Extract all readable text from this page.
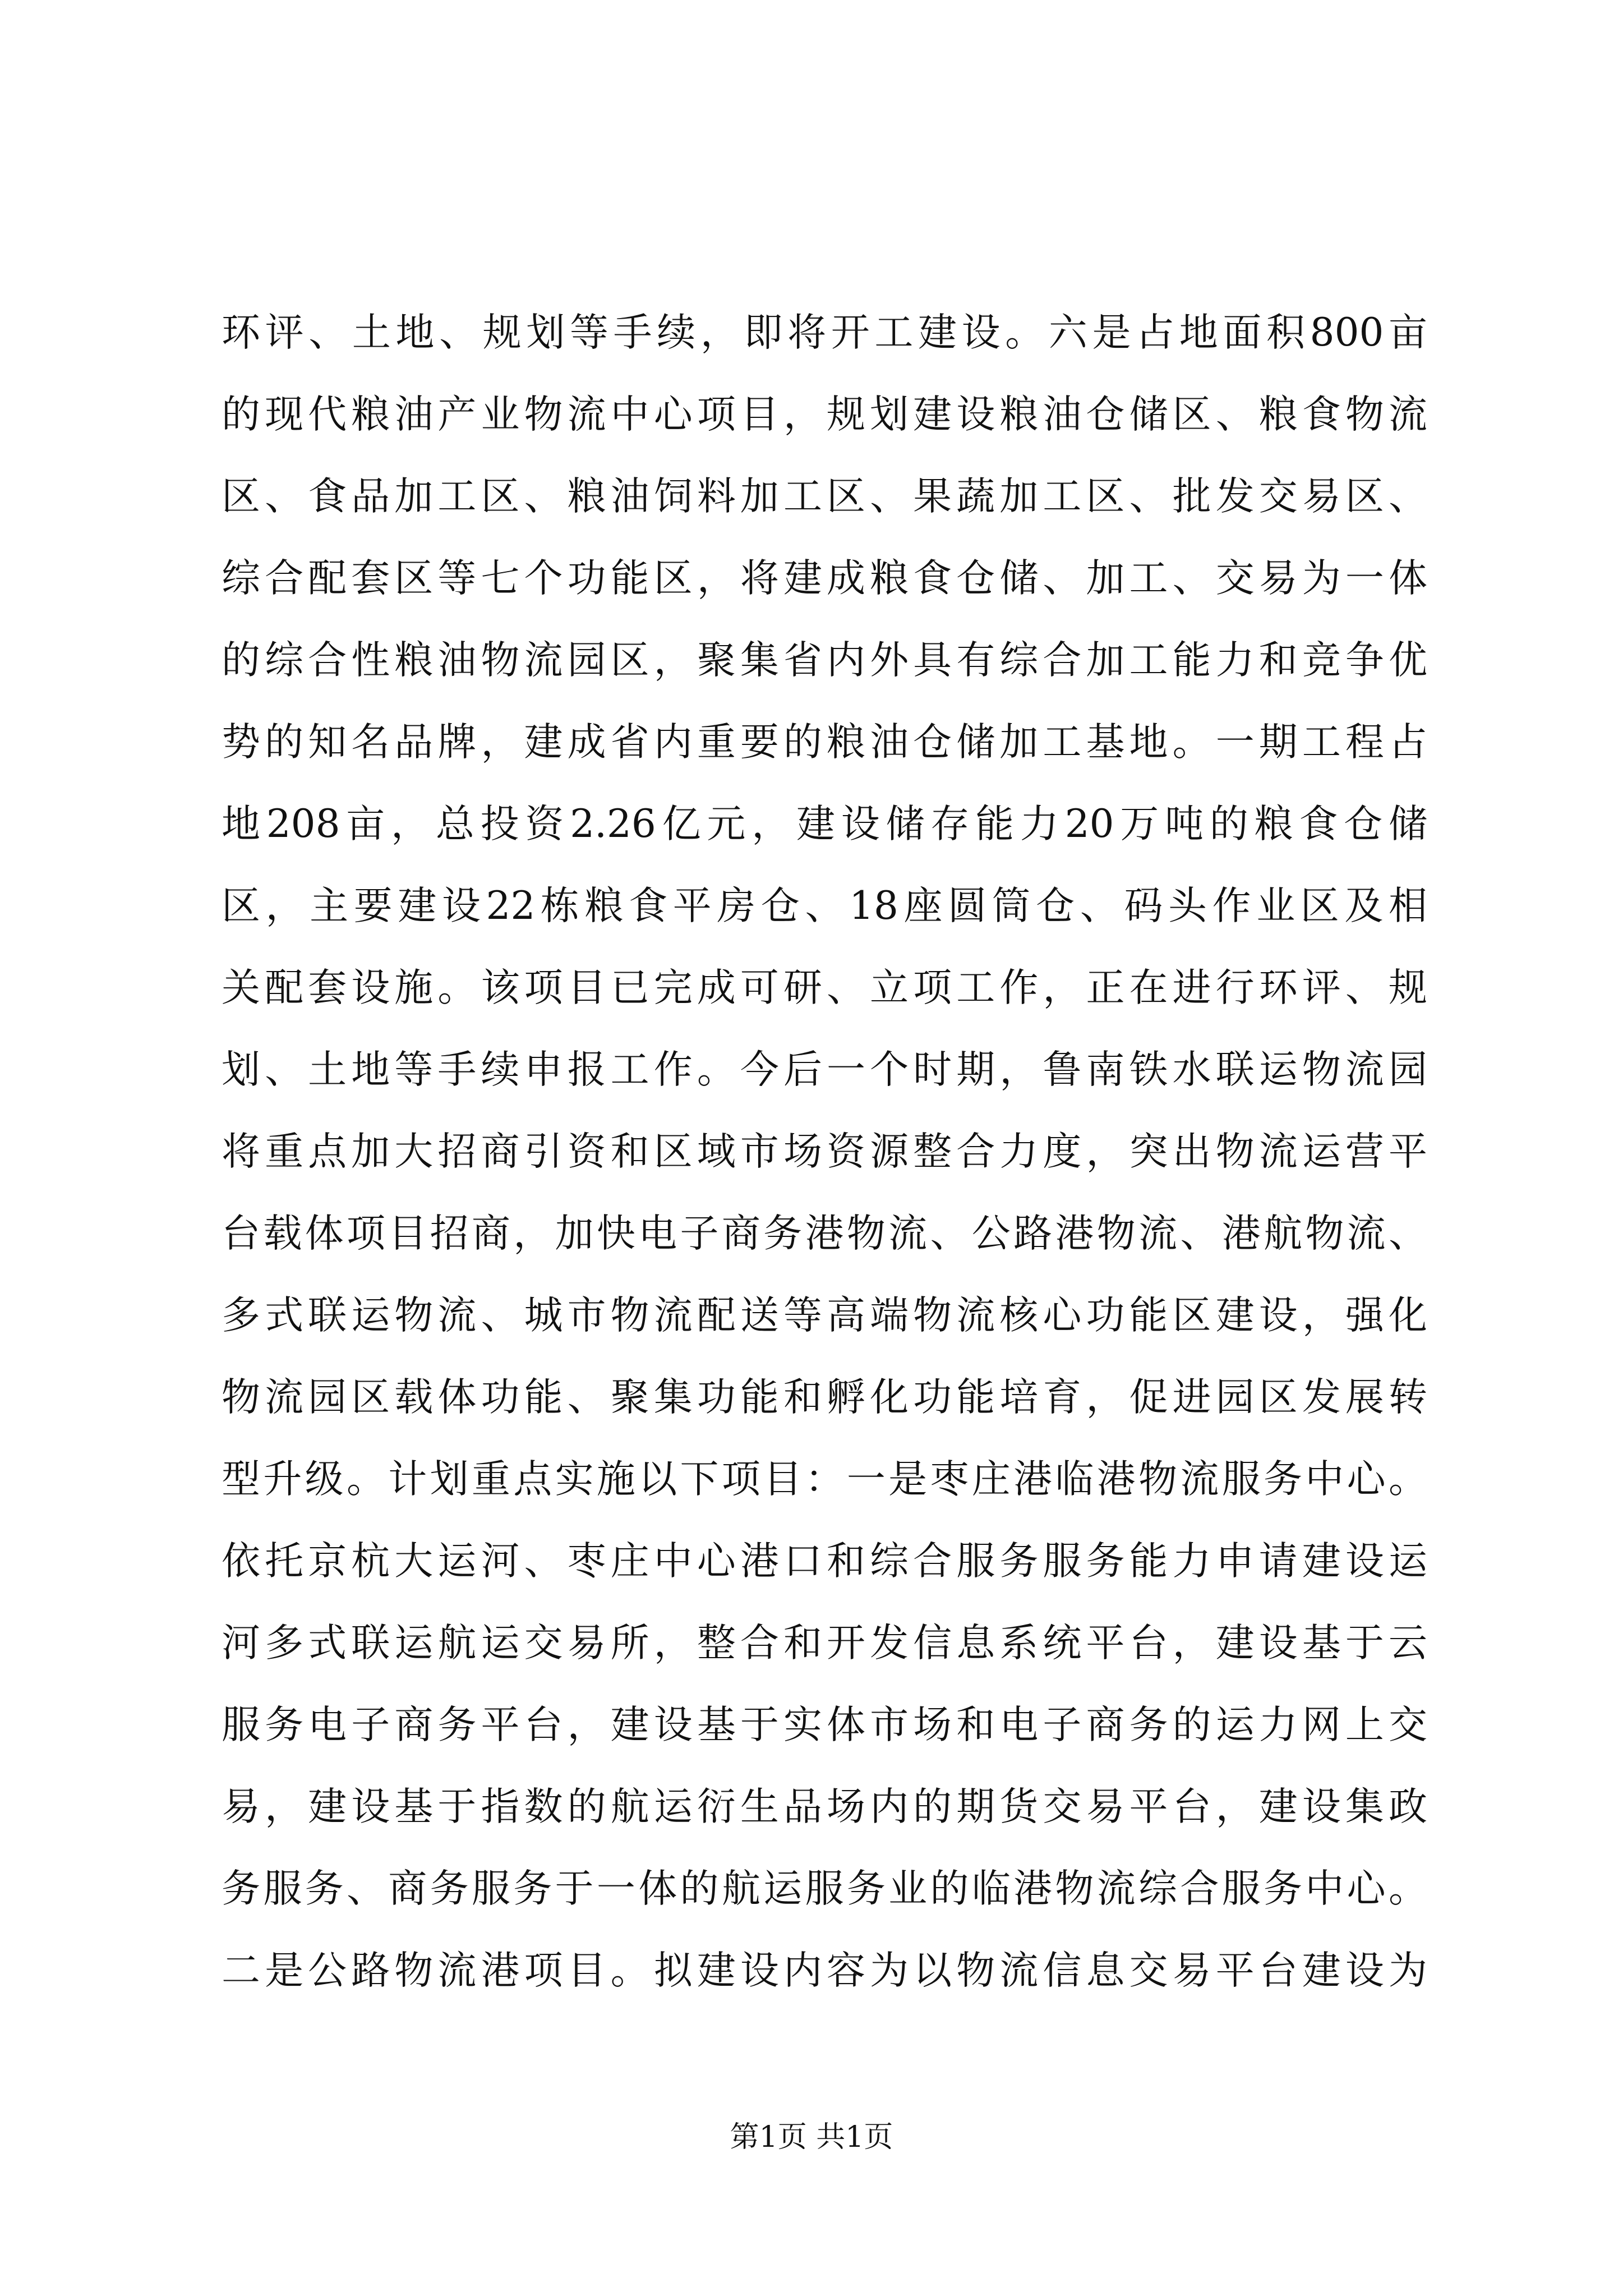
环评、土地、规划等手续，即将开工建设。六是占地面积800亩
的现代粮油产业物流中心项目，规划建设粮油仓储区、粮食物流
区、食品加工区、粮油饲料加工区、果蔬加工区、批发交易区、
综合配套区等七个功能区，将建成粮食仓储、加工、交易为一体
的综合性粮油物流园区，聚集省内外具有综合加工能力和竞争优
势的知名品牌，建成省内重要的粮油仓储加工基地。一期工程占
地208亩，总投资2.26亿元，建设储存能力20万吨的粮食仓储
区，主要建设22栋粮食平房仓、18座圆筒仓、码头作业区及相
关配套设施。该项目已完成可研、立项工作，正在进行环评、规
划、土地等手续申报工作。今后一个时期，鲁南铁水联运物流园
将重点加大招商引资和区域市场资源整合力度，突出物流运营平
台载体项目招商，加快电子商务港物流、公路港物流、港航物流、
多式联运物流、城市物流配送等高端物流核心功能区建设，强化
物流园区载体功能、聚集功能和孵化功能培育，促进园区发展转
型升级。计划重点实施以下项目：一是枣庄港临港物流服务中心。
依托京杭大运河、枣庄中心港口和综合服务服务能力申请建设运
河多式联运航运交易所，整合和开发信息系统平台，建设基于云
服务电子商务平台，建设基于实体市场和电子商务的运力网上交
易，建设基于指数的航运衍生品场内的期货交易平台，建设集政
务服务、商务服务于一体的航运服务业的临港物流综合服务中心。
二是公路物流港项目。拟建设内容为以物流信息交易平台建设为
第1页 共1页
